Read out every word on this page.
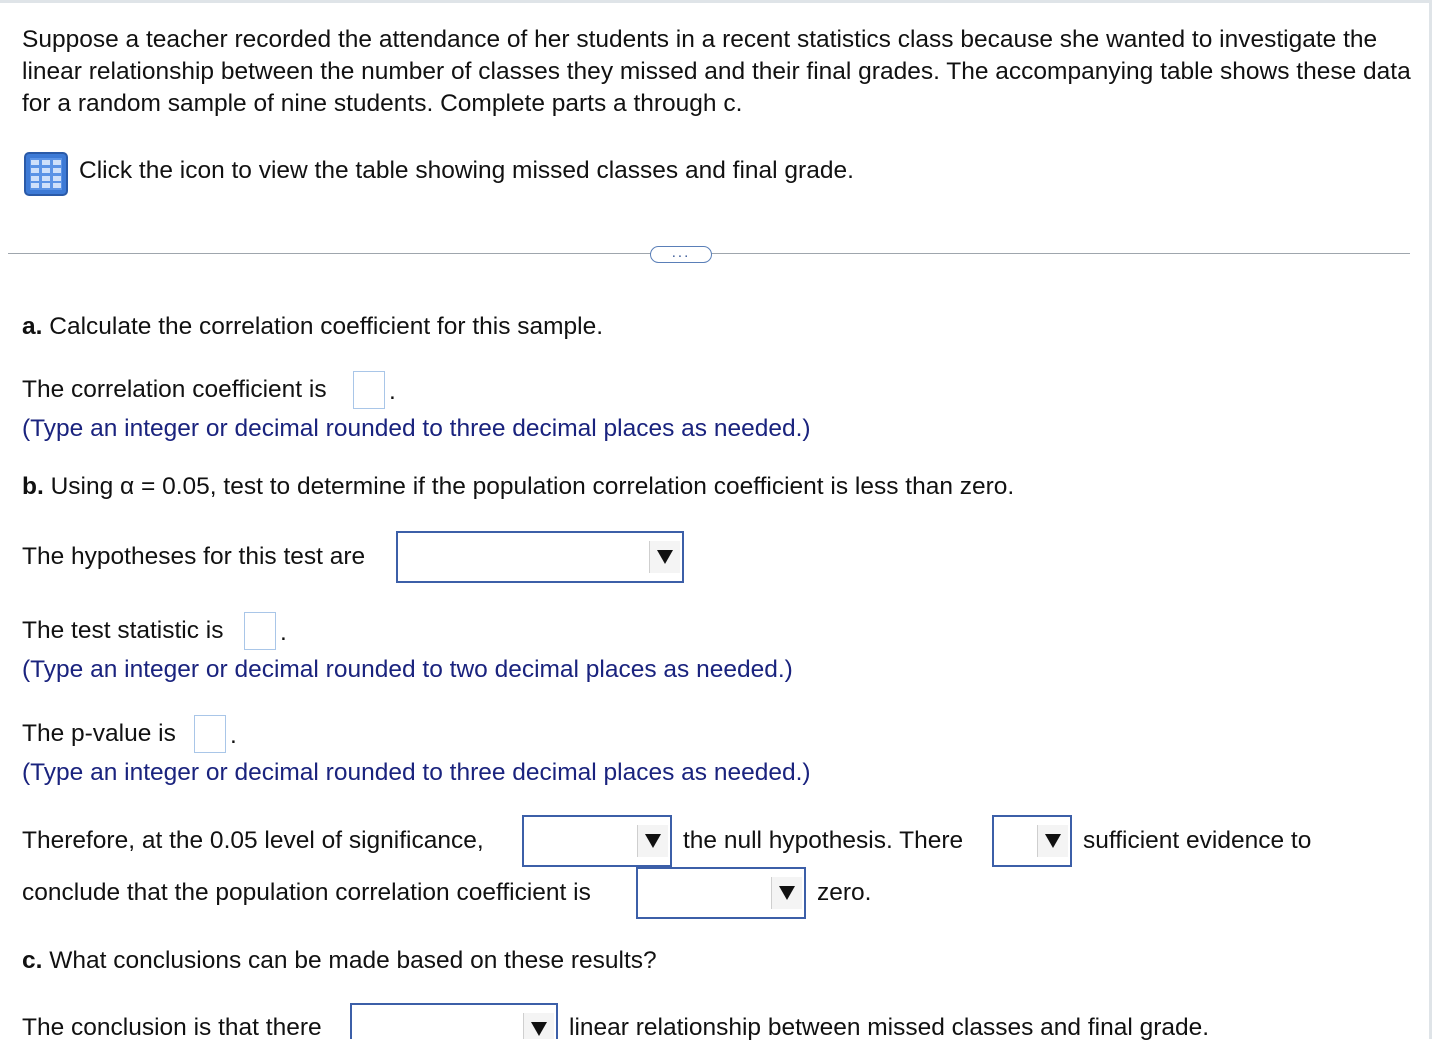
Suppose a teacher recorded the attendance of her students in a recent statistics class because she wanted to investigate the linear relationship between the number of classes they missed and their final grades. The accompanying table shows these data for a random sample of nine students. Complete parts a through c.
Click the icon to view the table showing missed classes and final grade.
...
a. Calculate the correlation coefficient for this sample.
The correlation coefficient is	.
(Type an integer or decimal rounded to three decimal places as needed.)
b. Using α = 0.05, test to determine if the population correlation coefficient is less than zero.
The hypotheses for this test are
The test statistic is .
(Type an integer or decimal rounded to two decimal places as needed.)
The p-value is .
(Type an integer or decimal rounded to three decimal places as needed.)
Therefore, at the 0.05 level of significance,	the null hypothesis. There	sufficient evidence to
conclude that the population correlation coefficient is	zero.
c. What conclusions can be made based on these results?
The conclusion is that there	linear relationship between missed classes and final grade.
